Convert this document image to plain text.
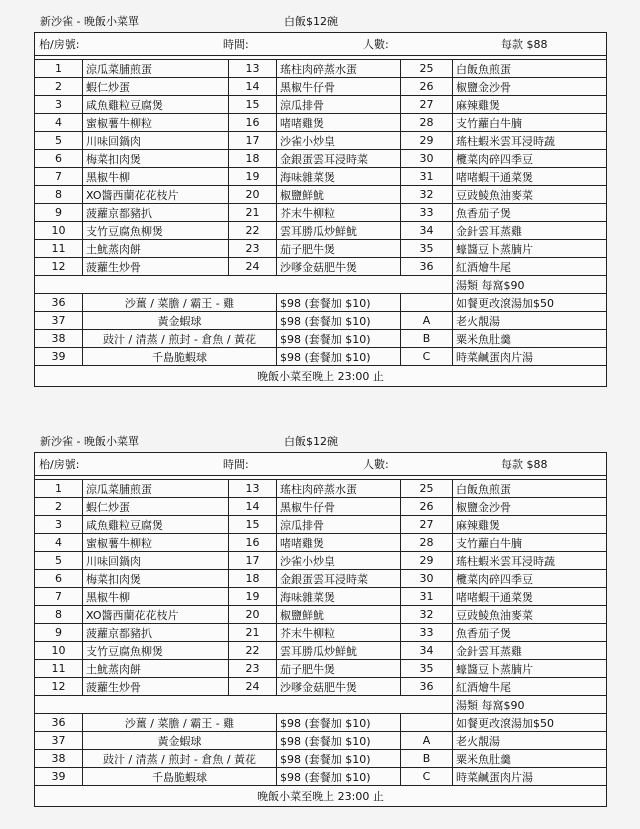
新沙雀 - 晚飯小菜單	白飯$12碗
枱/房號: 時間: 人數: 每款 $88					

1	涼瓜菜脯煎蛋	13	瑤柱肉碎蒸水蛋	25	白飯魚煎蛋
2	蝦仁炒蛋	14	黑椒牛仔骨	26	椒鹽金沙骨
3	咸魚雞粒豆腐煲	15	涼瓜排骨	27	麻辣雞煲
4	蜜椒薯牛柳粒	16	啫啫雞煲	28	支竹蘿白牛腩
5	川味回鍋肉	17	沙雀小炒皇	29	瑤柱蝦米雲耳浸時蔬
6	梅菜扣肉煲	18	金銀蛋雲耳浸時菜	30	欖菜肉碎四季豆
7	黑椒牛柳	19	海味雜菜煲	31	啫啫蝦干通菜煲
8	XO醬西蘭花花枝片	20	椒鹽鮮魷	32	豆豉鯪魚油麥菜
9	菠蘿京都豬扒	21	芥末牛柳粒	33	魚香茄子煲
10	支竹豆腐魚柳煲	22	雲耳勝瓜炒鮮魷	34	金針雲耳蒸雞
11	土魷蒸肉餅	23	茄子肥牛煲	35	蠔醬豆卜蒸腩片
12	菠蘿生炒骨	24	沙嗲金菇肥牛煲	36	紅酒燴牛尾
					湯類 每窩$90
36	沙薑 / 菜膽 / 霸王 - 雞		$98 (套餐加 $10)		如餐更改滾湯加$50
37	黃金蝦球		$98 (套餐加 $10)	A	老火靚湯
38	豉汁 / 清蒸 / 煎封 - 倉魚 / 黃花		$98 (套餐加 $10)	B	粟米魚肚羹
39	千島脆蝦球		$98 (套餐加 $10)	C	時菜鹹蛋肉片湯
晚飯小菜至晚上 23:00 止					
新沙雀 - 晚飯小菜單	白飯$12碗
枱/房號: 時間: 人數: 每款 $88					

1	涼瓜菜脯煎蛋	13	瑤柱肉碎蒸水蛋	25	白飯魚煎蛋
2	蝦仁炒蛋	14	黑椒牛仔骨	26	椒鹽金沙骨
3	咸魚雞粒豆腐煲	15	涼瓜排骨	27	麻辣雞煲
4	蜜椒薯牛柳粒	16	啫啫雞煲	28	支竹蘿白牛腩
5	川味回鍋肉	17	沙雀小炒皇	29	瑤柱蝦米雲耳浸時蔬
6	梅菜扣肉煲	18	金銀蛋雲耳浸時菜	30	欖菜肉碎四季豆
7	黑椒牛柳	19	海味雜菜煲	31	啫啫蝦干通菜煲
8	XO醬西蘭花花枝片	20	椒鹽鮮魷	32	豆豉鯪魚油麥菜
9	菠蘿京都豬扒	21	芥末牛柳粒	33	魚香茄子煲
10	支竹豆腐魚柳煲	22	雲耳勝瓜炒鮮魷	34	金針雲耳蒸雞
11	土魷蒸肉餅	23	茄子肥牛煲	35	蠔醬豆卜蒸腩片
12	菠蘿生炒骨	24	沙嗲金菇肥牛煲	36	紅酒燴牛尾
					湯類 每窩$90
36	沙薑 / 菜膽 / 霸王 - 雞		$98 (套餐加 $10)		如餐更改滾湯加$50
37	黃金蝦球		$98 (套餐加 $10)	A	老火靚湯
38	豉汁 / 清蒸 / 煎封 - 倉魚 / 黃花		$98 (套餐加 $10)	B	粟米魚肚羹
39	千島脆蝦球		$98 (套餐加 $10)	C	時菜鹹蛋肉片湯
晚飯小菜至晚上 23:00 止					
